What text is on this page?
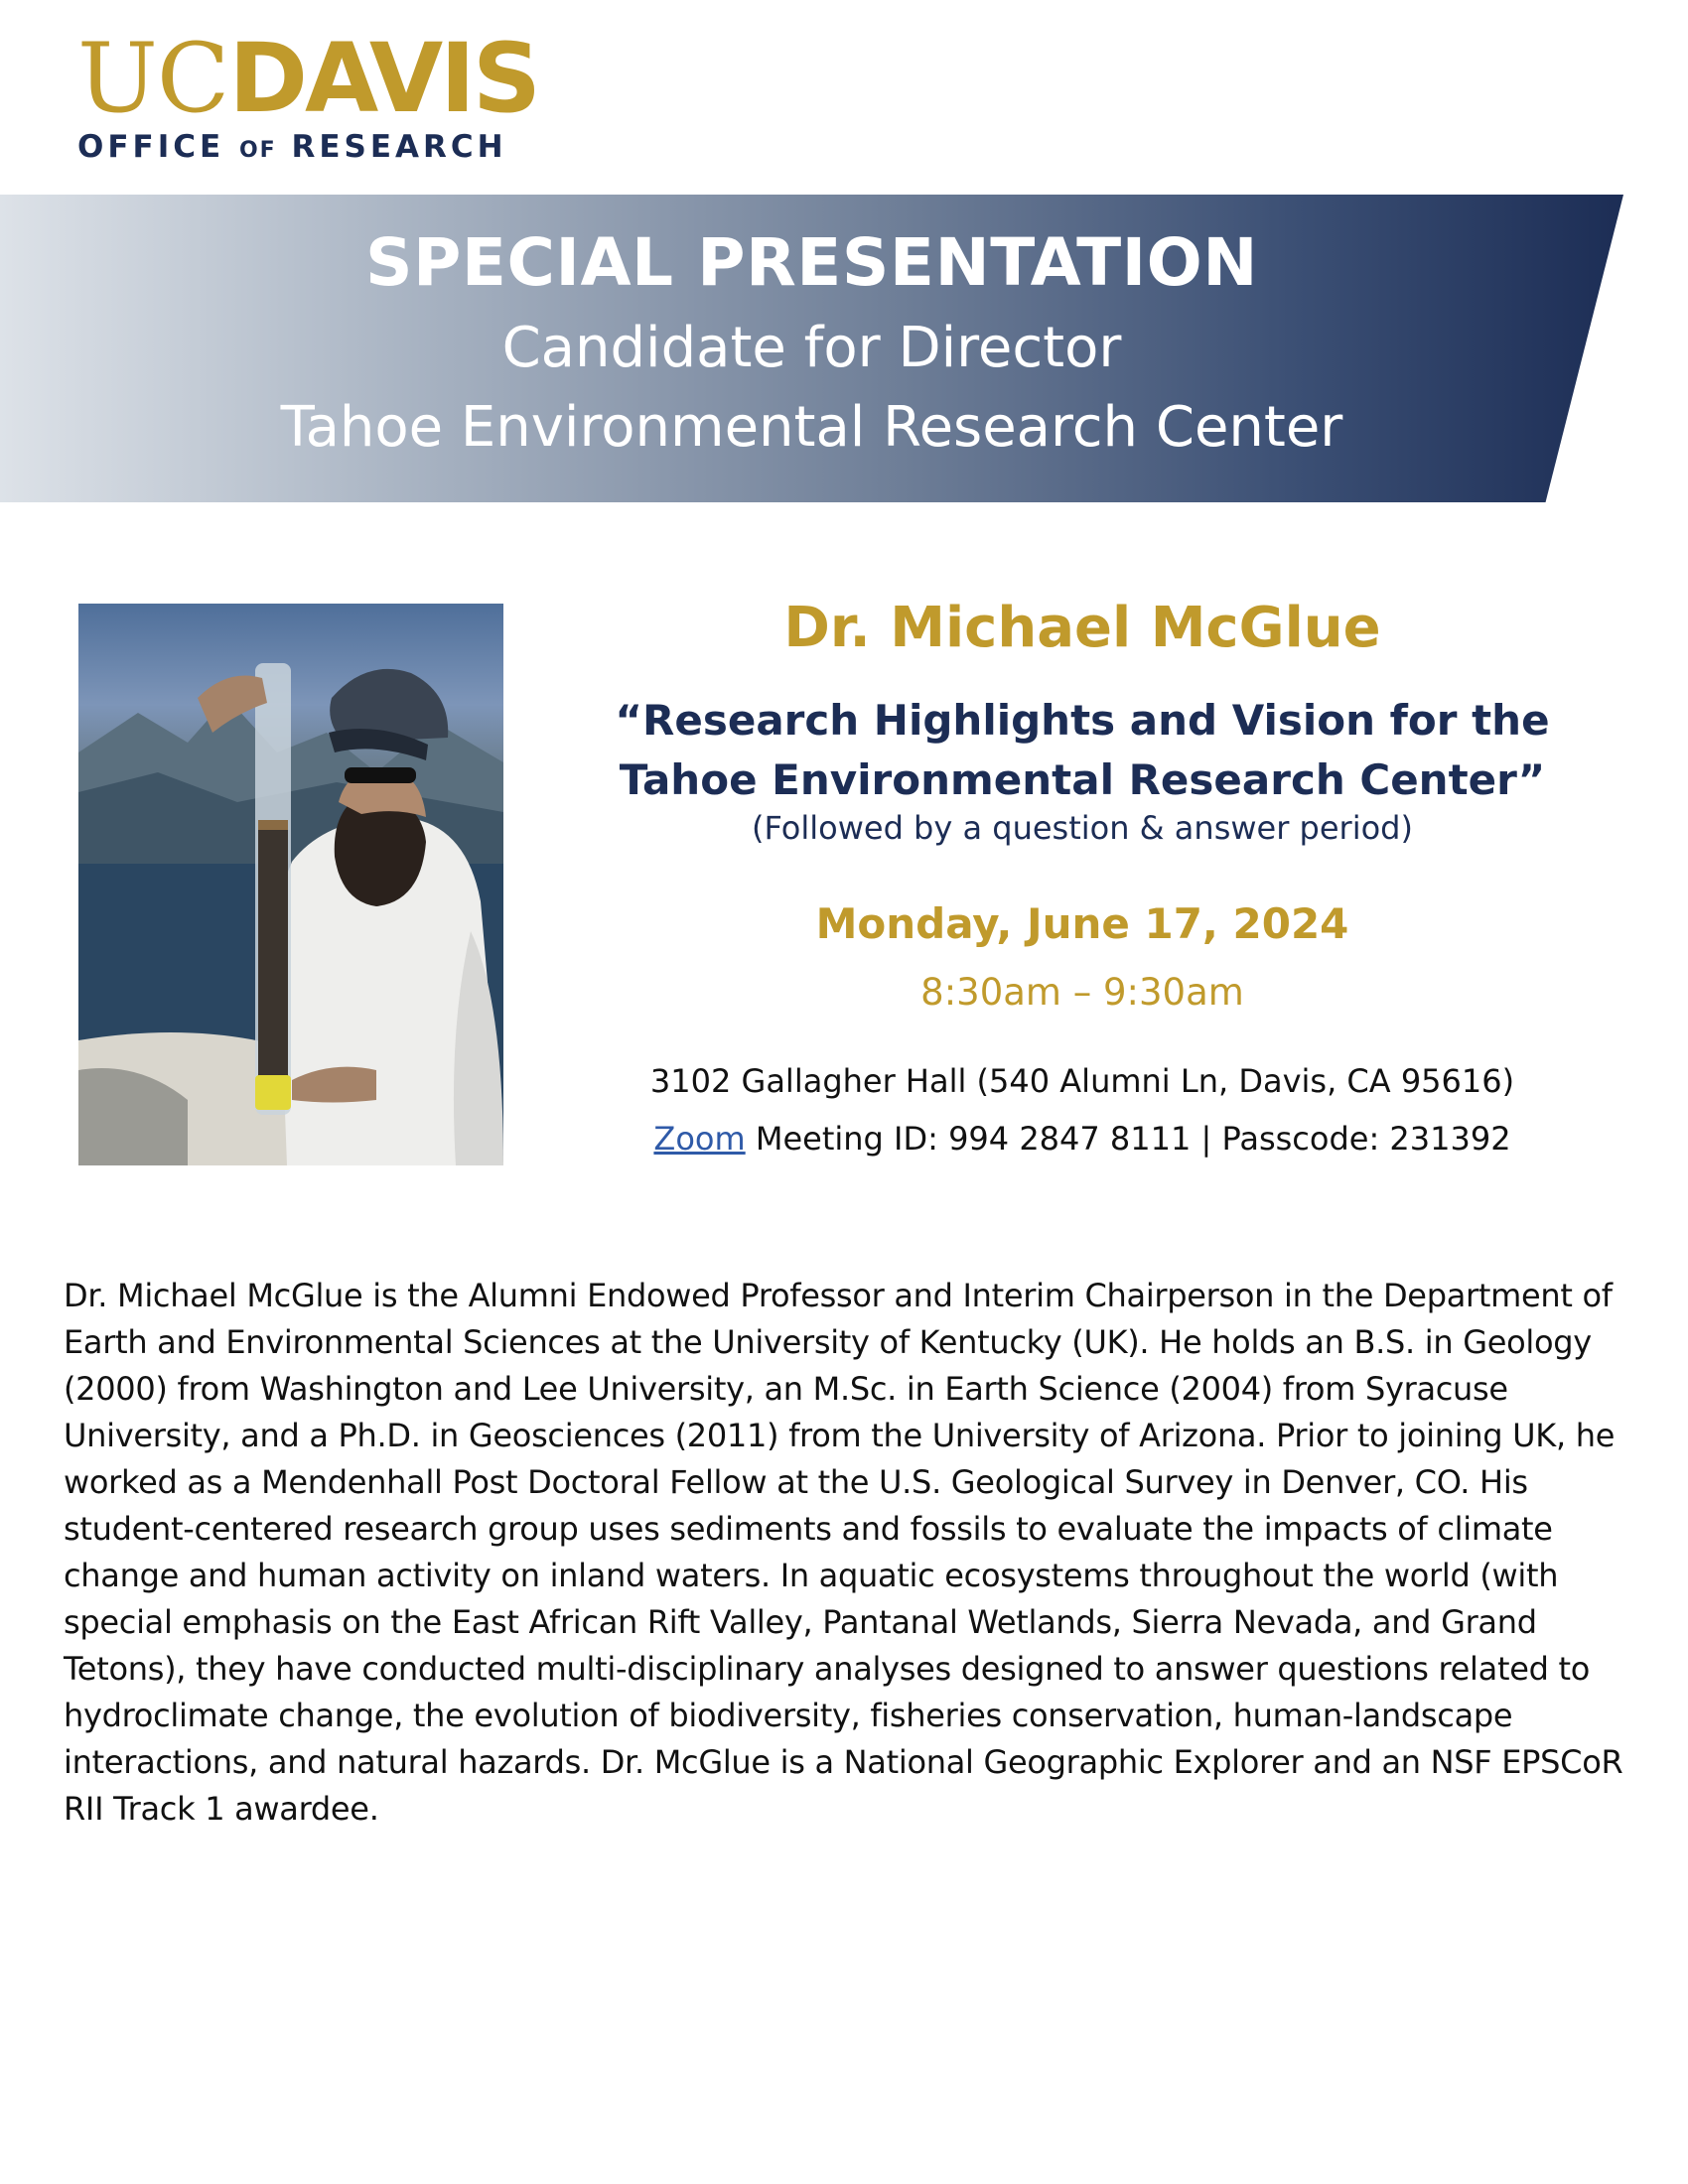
UCDAVIS
OFFICE OF RESEARCH
SPECIAL PRESENTATION
Candidate for Director
Tahoe Environmental Research Center
Dr. Michael McGlue
“Research Highlights and Vision for the Tahoe Environmental Research Center”
(Followed by a question & answer period)
Monday, June 17, 2024
8:30am – 9:30am
3102 Gallagher Hall (540 Alumni Ln, Davis, CA 95616)
Zoom Meeting ID: 994 2847 8111 | Passcode: 231392
Dr. Michael McGlue is the Alumni Endowed Professor and Interim Chairperson in the Department of Earth and Environmental Sciences at the University of Kentucky (UK). He holds an B.S. in Geology (2000) from Washington and Lee University, an M.Sc. in Earth Science (2004) from Syracuse University, and a Ph.D. in Geosciences (2011) from the University of Arizona. Prior to joining UK, he worked as a Mendenhall Post Doctoral Fellow at the U.S. Geological Survey in Denver, CO. His student-centered research group uses sediments and fossils to evaluate the impacts of climate change and human activity on inland waters. In aquatic ecosystems throughout the world (with special emphasis on the East African Rift Valley, Pantanal Wetlands, Sierra Nevada, and Grand Tetons), they have conducted multi-disciplinary analyses designed to answer questions related to hydroclimate change, the evolution of biodiversity, fisheries conservation, human-landscape interactions, and natural hazards. Dr. McGlue is a National Geographic Explorer and an NSF EPSCoR RII Track 1 awardee.
